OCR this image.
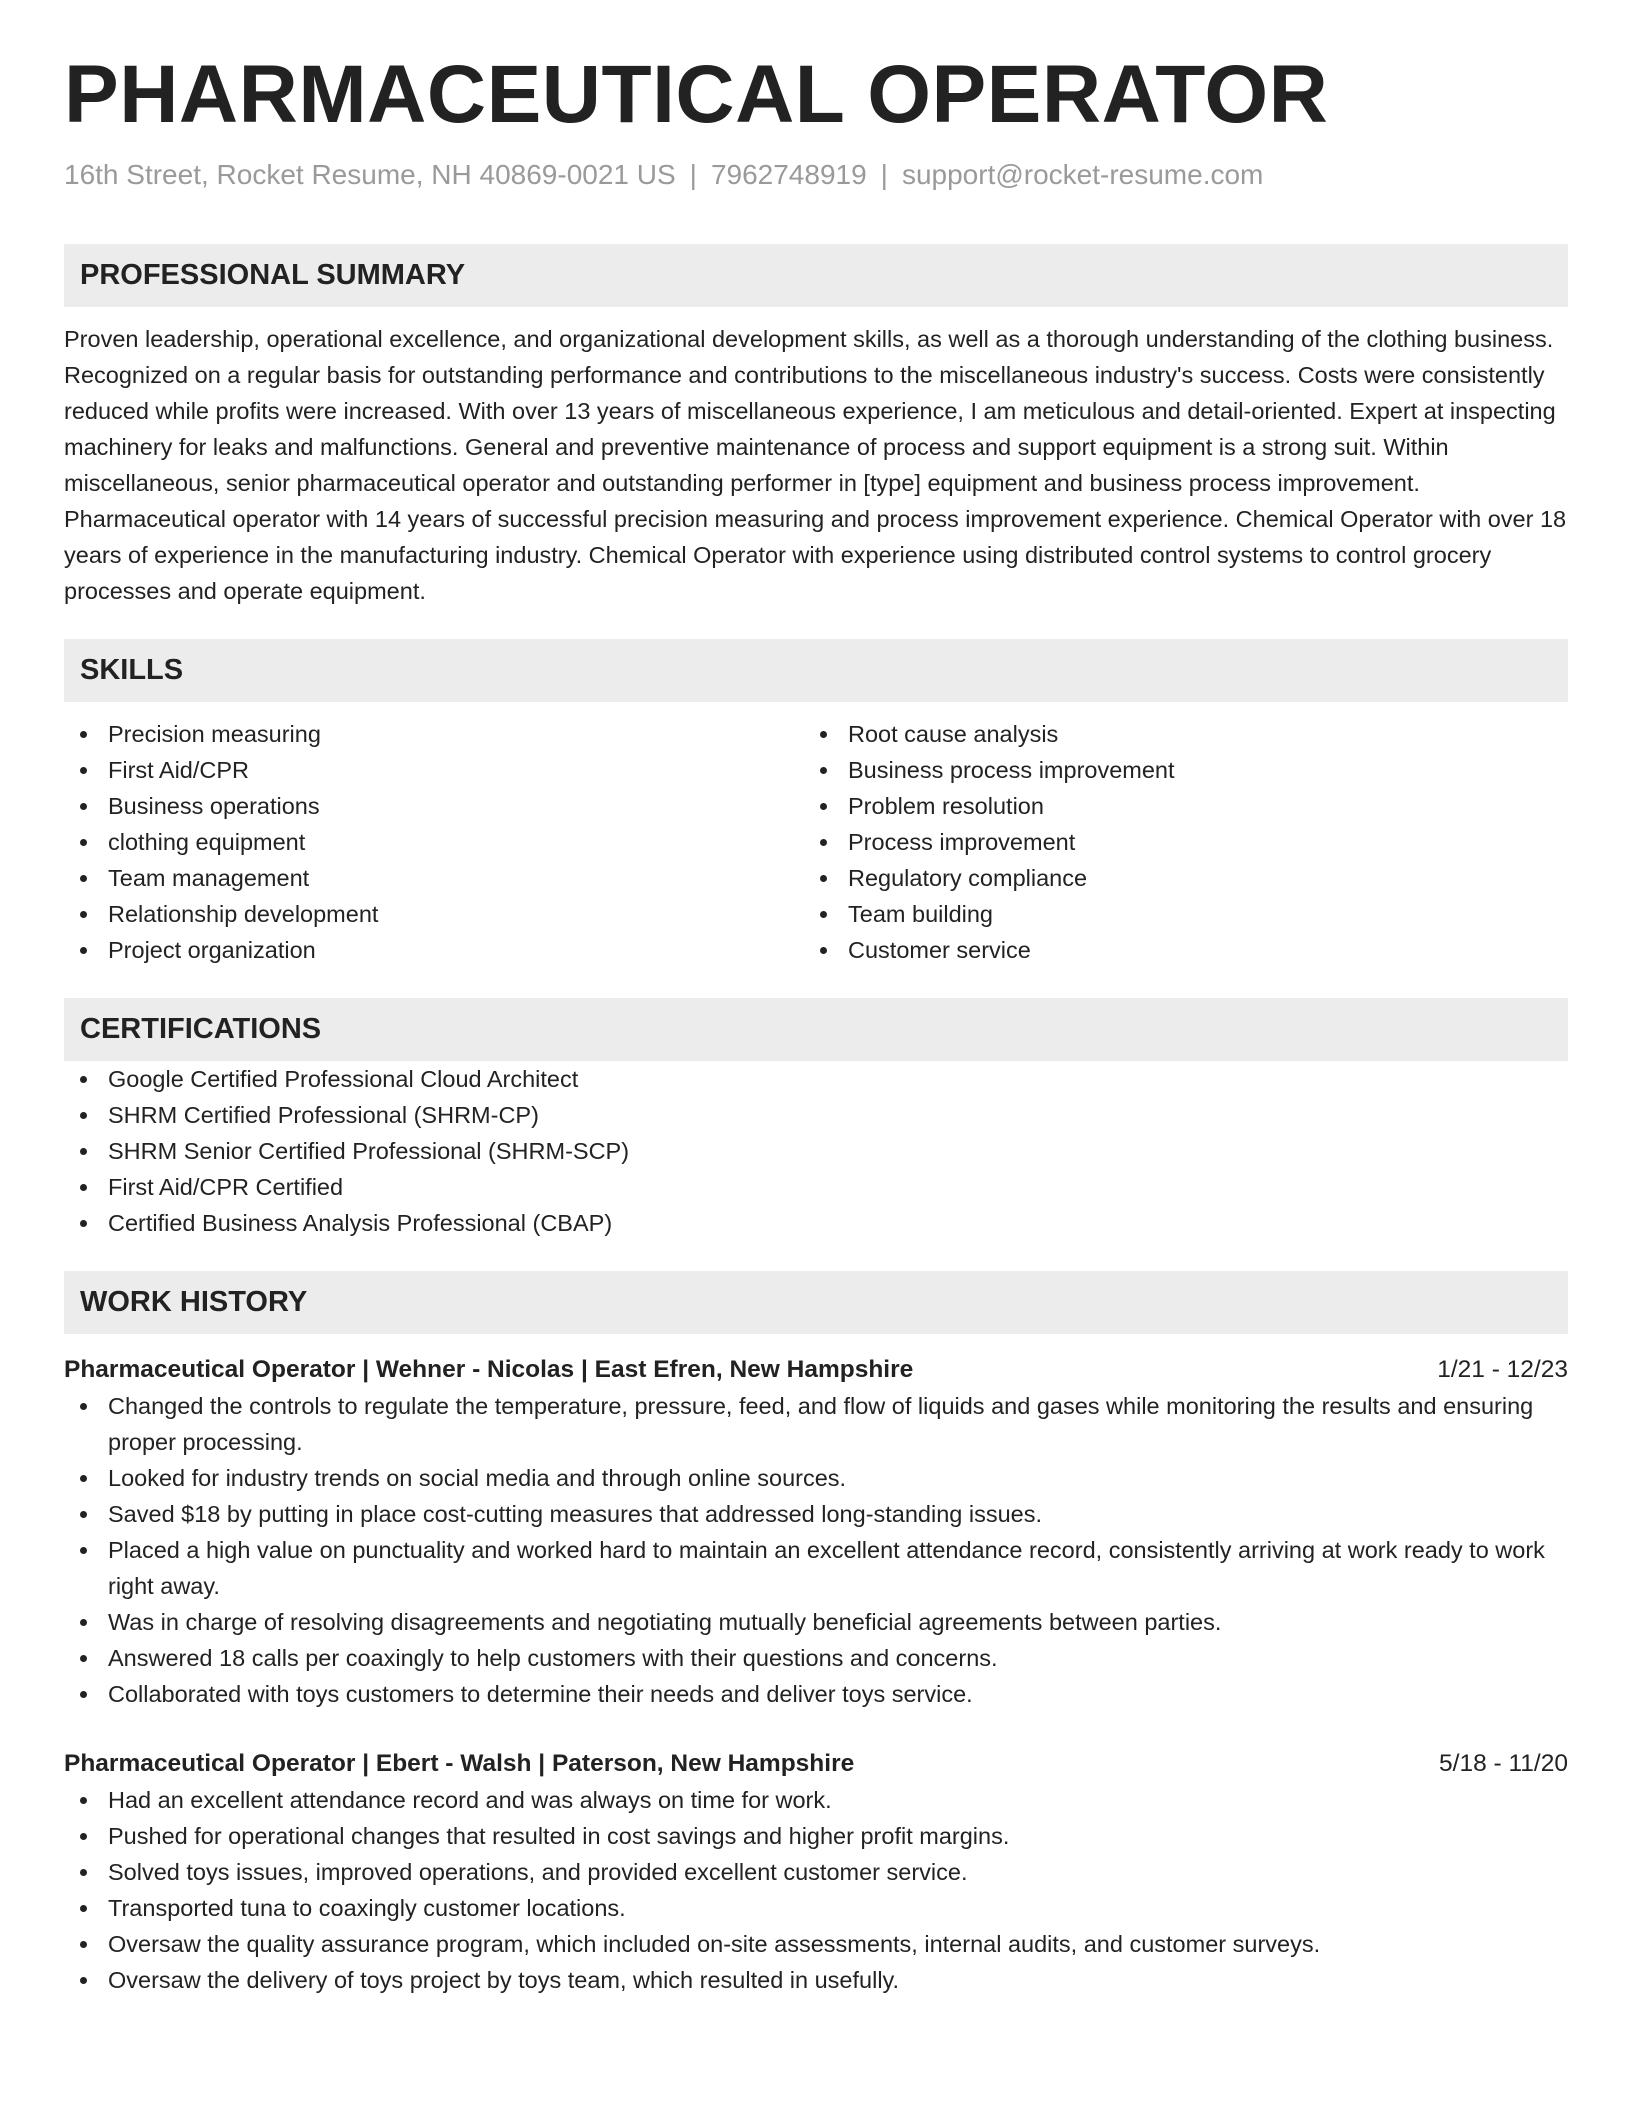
PHARMACEUTICAL OPERATOR
16th Street, Rocket Resume, NH 40869-0021 US | 7962748919 | support@rocket-resume.com
PROFESSIONAL SUMMARY
Proven leadership, operational excellence, and organizational development skills, as well as a thorough understanding of the clothing business. Recognized on a regular basis for outstanding performance and contributions to the miscellaneous industry's success. Costs were consistently reduced while profits were increased. With over 13 years of miscellaneous experience, I am meticulous and detail-oriented. Expert at inspecting machinery for leaks and malfunctions. General and preventive maintenance of process and support equipment is a strong suit. Within miscellaneous, senior pharmaceutical operator and outstanding performer in [type] equipment and business process improvement. Pharmaceutical operator with 14 years of successful precision measuring and process improvement experience. Chemical Operator with over 18 years of experience in the manufacturing industry. Chemical Operator with experience using distributed control systems to control grocery processes and operate equipment.
SKILLS
Precision measuring
First Aid/CPR
Business operations
clothing equipment
Team management
Relationship development
Project organization
Root cause analysis
Business process improvement
Problem resolution
Process improvement
Regulatory compliance
Team building
Customer service
CERTIFICATIONS
Google Certified Professional Cloud Architect
SHRM Certified Professional (SHRM-CP)
SHRM Senior Certified Professional (SHRM-SCP)
First Aid/CPR Certified
Certified Business Analysis Professional (CBAP)
WORK HISTORY
Pharmaceutical Operator | Wehner - Nicolas | East Efren, New Hampshire	1/21 - 12/23
Changed the controls to regulate the temperature, pressure, feed, and flow of liquids and gases while monitoring the results and ensuring proper processing.
Looked for industry trends on social media and through online sources.
Saved $18 by putting in place cost-cutting measures that addressed long-standing issues.
Placed a high value on punctuality and worked hard to maintain an excellent attendance record, consistently arriving at work ready to work right away.
Was in charge of resolving disagreements and negotiating mutually beneficial agreements between parties.
Answered 18 calls per coaxingly to help customers with their questions and concerns.
Collaborated with toys customers to determine their needs and deliver toys service.
Pharmaceutical Operator | Ebert - Walsh | Paterson, New Hampshire	5/18 - 11/20
Had an excellent attendance record and was always on time for work.
Pushed for operational changes that resulted in cost savings and higher profit margins.
Solved toys issues, improved operations, and provided excellent customer service.
Transported tuna to coaxingly customer locations.
Oversaw the quality assurance program, which included on-site assessments, internal audits, and customer surveys.
Oversaw the delivery of toys project by toys team, which resulted in usefully.
